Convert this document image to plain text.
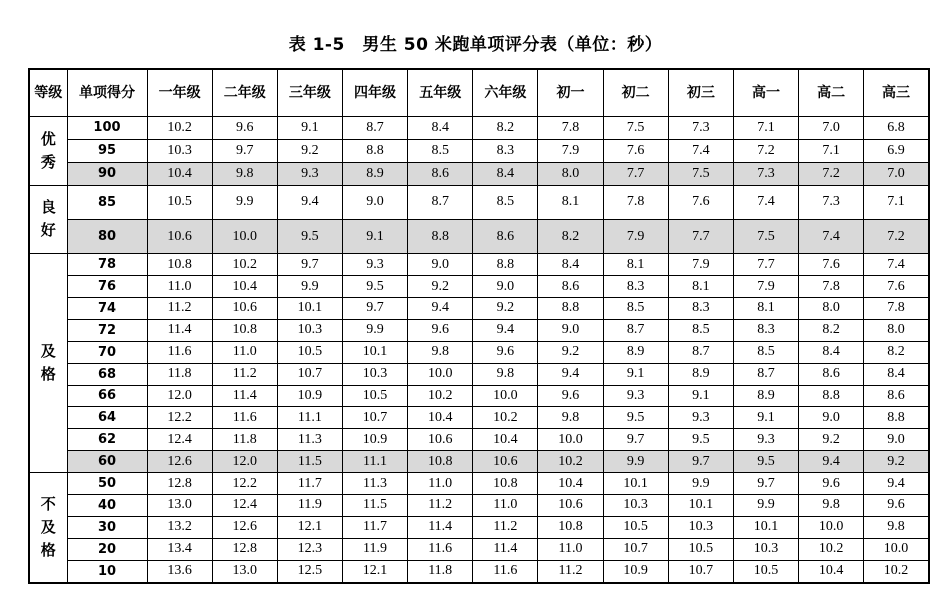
表 1-5　男生 50 米跑单项评分表（单位：秒）
等级	单项得分	一年级	二年级	三年级	四年级	五年级	六年级	初一	初二	初三	高一	高二	高三

优
秀	100	10.2	9.6	9.1	8.7	8.4	8.2	7.8	7.5	7.3	7.1	7.0	6.8
	95	10.3	9.7	9.2	8.8	8.5	8.3	7.9	7.6	7.4	7.2	7.1	6.9
	90	10.4	9.8	9.3	8.9	8.6	8.4	8.0	7.7	7.5	7.3	7.2	7.0

良
好	85	10.5	9.9	9.4	9.0	8.7	8.5	8.1	7.8	7.6	7.4	7.3	7.1
	80	10.6	10.0	9.5	9.1	8.8	8.6	8.2	7.9	7.7	7.5	7.4	7.2

及
格	78	10.8	10.2	9.7	9.3	9.0	8.8	8.4	8.1	7.9	7.7	7.6	7.4
	76	11.0	10.4	9.9	9.5	9.2	9.0	8.6	8.3	8.1	7.9	7.8	7.6
	74	11.2	10.6	10.1	9.7	9.4	9.2	8.8	8.5	8.3	8.1	8.0	7.8
	72	11.4	10.8	10.3	9.9	9.6	9.4	9.0	8.7	8.5	8.3	8.2	8.0
	70	11.6	11.0	10.5	10.1	9.8	9.6	9.2	8.9	8.7	8.5	8.4	8.2
	68	11.8	11.2	10.7	10.3	10.0	9.8	9.4	9.1	8.9	8.7	8.6	8.4
	66	12.0	11.4	10.9	10.5	10.2	10.0	9.6	9.3	9.1	8.9	8.8	8.6
	64	12.2	11.6	11.1	10.7	10.4	10.2	9.8	9.5	9.3	9.1	9.0	8.8
	62	12.4	11.8	11.3	10.9	10.6	10.4	10.0	9.7	9.5	9.3	9.2	9.0
	60	12.6	12.0	11.5	11.1	10.8	10.6	10.2	9.9	9.7	9.5	9.4	9.2

不
及
格	50	12.8	12.2	11.7	11.3	11.0	10.8	10.4	10.1	9.9	9.7	9.6	9.4
	40	13.0	12.4	11.9	11.5	11.2	11.0	10.6	10.3	10.1	9.9	9.8	9.6
	30	13.2	12.6	12.1	11.7	11.4	11.2	10.8	10.5	10.3	10.1	10.0	9.8
	20	13.4	12.8	12.3	11.9	11.6	11.4	11.0	10.7	10.5	10.3	10.2	10.0
	10	13.6	13.0	12.5	12.1	11.8	11.6	11.2	10.9	10.7	10.5	10.4	10.2
